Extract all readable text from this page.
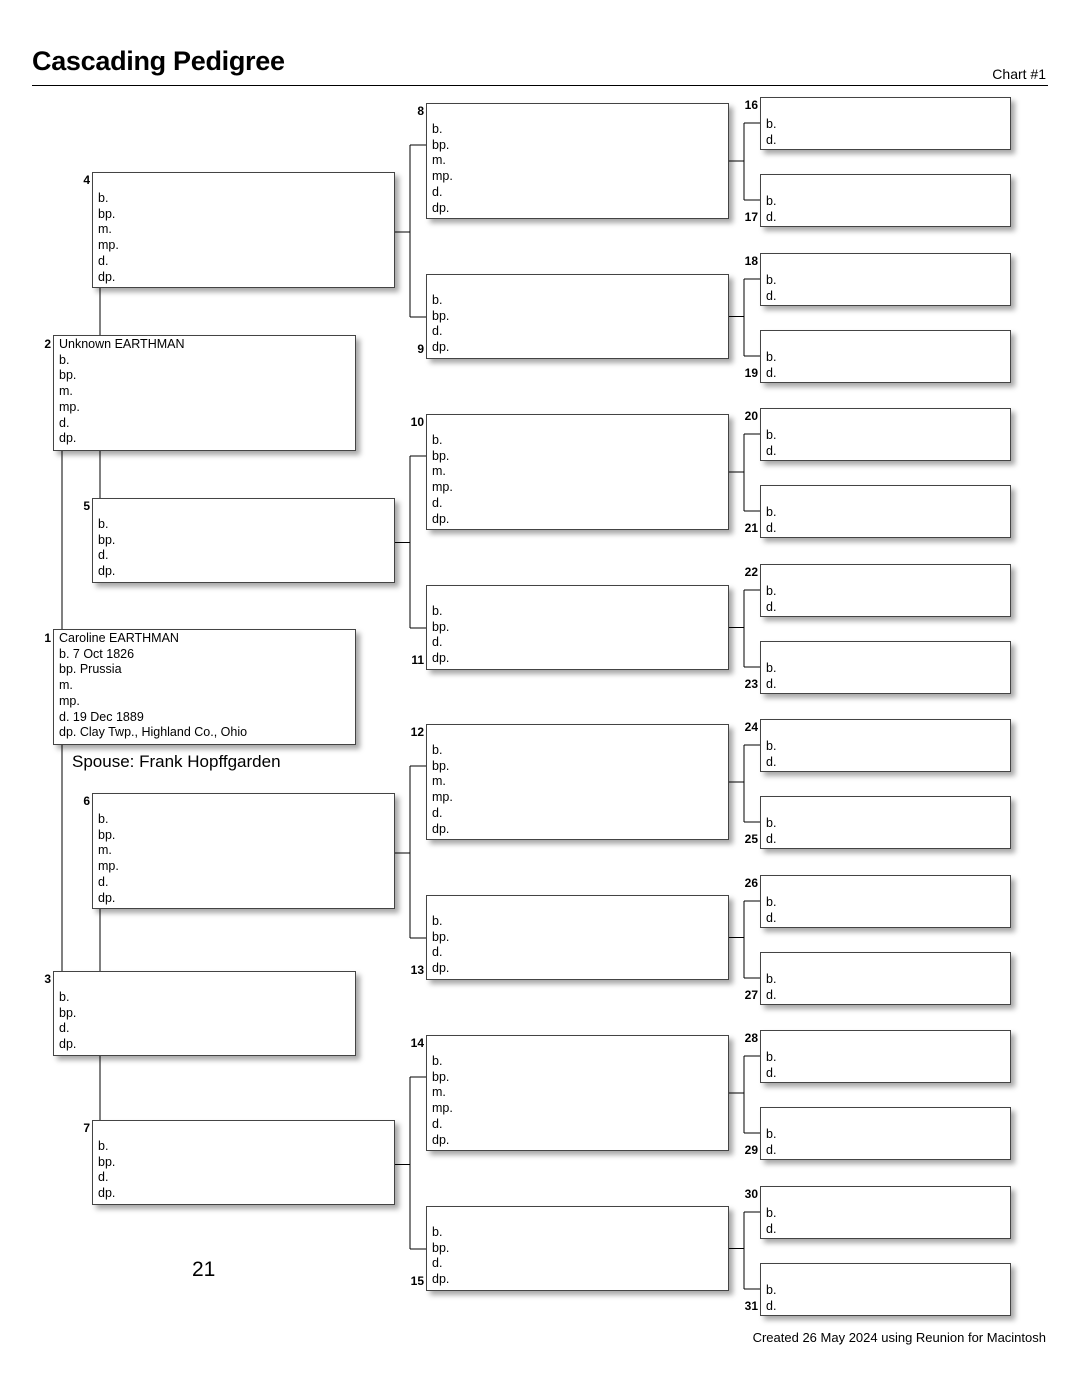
Cascading Pedigree	Chart #1
Caroline EARTHMAN
b. 7 Oct 1826
bp. Prussia
m.
mp.
d. 19 Dec 1889
dp. Clay Twp., Highland Co., Ohio
1
Unknown EARTHMAN
b.
bp.
m.
mp.
d.
dp.
2
b.
bp.
d.
dp.
3
b.
bp.
m.
mp.
d.
dp.
4
b.
bp.
d.
dp.
5
b.
bp.
m.
mp.
d.
dp.
6
b.
bp.
d.
dp.
7
b.
bp.
m.
mp.
d.
dp.
8
b.
bp.
d.
dp.
9
b.
bp.
m.
mp.
d.
dp.
10
b.
bp.
d.
dp.
11
b.
bp.
m.
mp.
d.
dp.
12
b.
bp.
d.
dp.
13
b.
bp.
m.
mp.
d.
dp.
14
b.
bp.
d.
dp.
15
b.
d.
16
b.
d.
17
b.
d.
18
b.
d.
19
b.
d.
20
b.
d.
21
b.
d.
22
b.
d.
23
b.
d.
24
b.
d.
25
b.
d.
26
b.
d.
27
b.
d.
28
b.
d.
29
b.
d.
30
b.
d.
31
Spouse: Frank Hopffgarden
21
Created 26 May 2024 using Reunion for Macintosh
